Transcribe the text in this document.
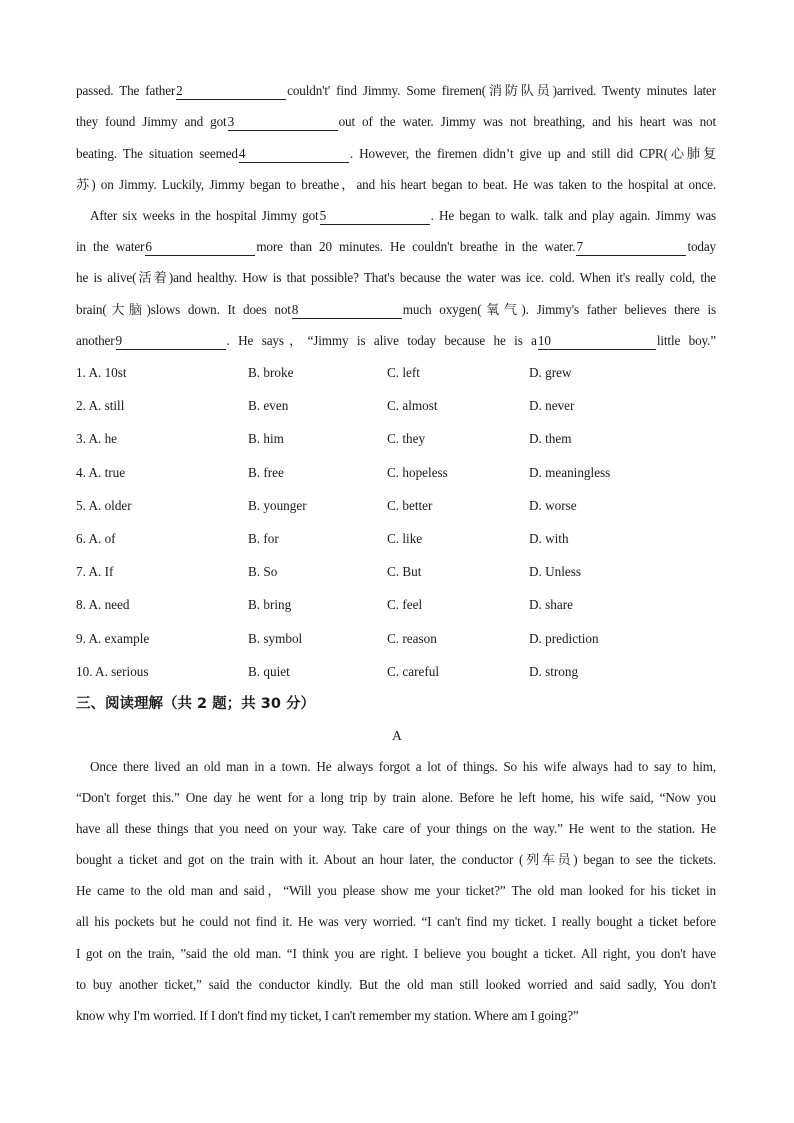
passed. The father2	couldn't' find Jimmy. Some firemen(消防队员)arrived. Twenty minutes later
they found Jimmy and got3	out of the water. Jimmy was not breathing, and his heart was not
beating. The situation seemed4	. However, the firemen didn’t give up and still did CPR(心肺复
苏) on Jimmy. Luckily, Jimmy began to breathe，and his heart began to beat. He was taken to the hospital at once.
After six weeks in the hospital Jimmy got5	. He began to walk. talk and play again. Jimmy was
in the water6	more than 20 minutes. He couldn't breathe in the water.7	today
he is alive(活着)and healthy. How is that possible? That's because the water was ice. cold. When it's really cold, the
brain(大脑)slows down. It does not8	much oxygen(氧气). Jimmy's father believes there is
another9	. He says，“Jimmy is alive today because he is a10	little boy.”
1. A. 10st	B. broke	C. left	D. grew
2. A. still	B. even	C. almost	D. never
3. A. he	B. him	C. they	D. them
4. A. true	B. free	C. hopeless	D. meaningless
5. A. older	B. younger	C. better	D. worse
6. A. of	B. for	C. like	D. with
7. A. If	B. So	C. But	D. Unless
8. A. need	B. bring	C. feel	D. share
9. A. example	B. symbol	C. reason	D. prediction
10. A. serious	B. quiet	C. careful	D. strong
三、阅读理解（共 2 题；共 30 分）
A
Once there lived an old man in a town. He always forgot a lot of things. So his wife always had to say to him,
“Don't forget this.” One day he went for a long trip by train alone. Before he left home, his wife said, “Now you
have all these things that you need on your way. Take care of your things on the way.” He went to the station. He
bought a ticket and got on the train with it. About an hour later, the conductor (列车员) began to see the tickets.
He came to the old man and said，“Will you please show me your ticket?” The old man looked for his ticket in
all his pockets but he could not find it. He was very worried. “I can't find my ticket. I really bought a ticket before
I got on the train, ”said the old man. “I think you are right. I believe you bought a ticket. All right, you don't have
to buy another ticket,” said the conductor kindly. But the old man still looked worried and said sadly, You don't
know why I'm worried. If I don't find my ticket, I can't remember my station. Where am I going?”
